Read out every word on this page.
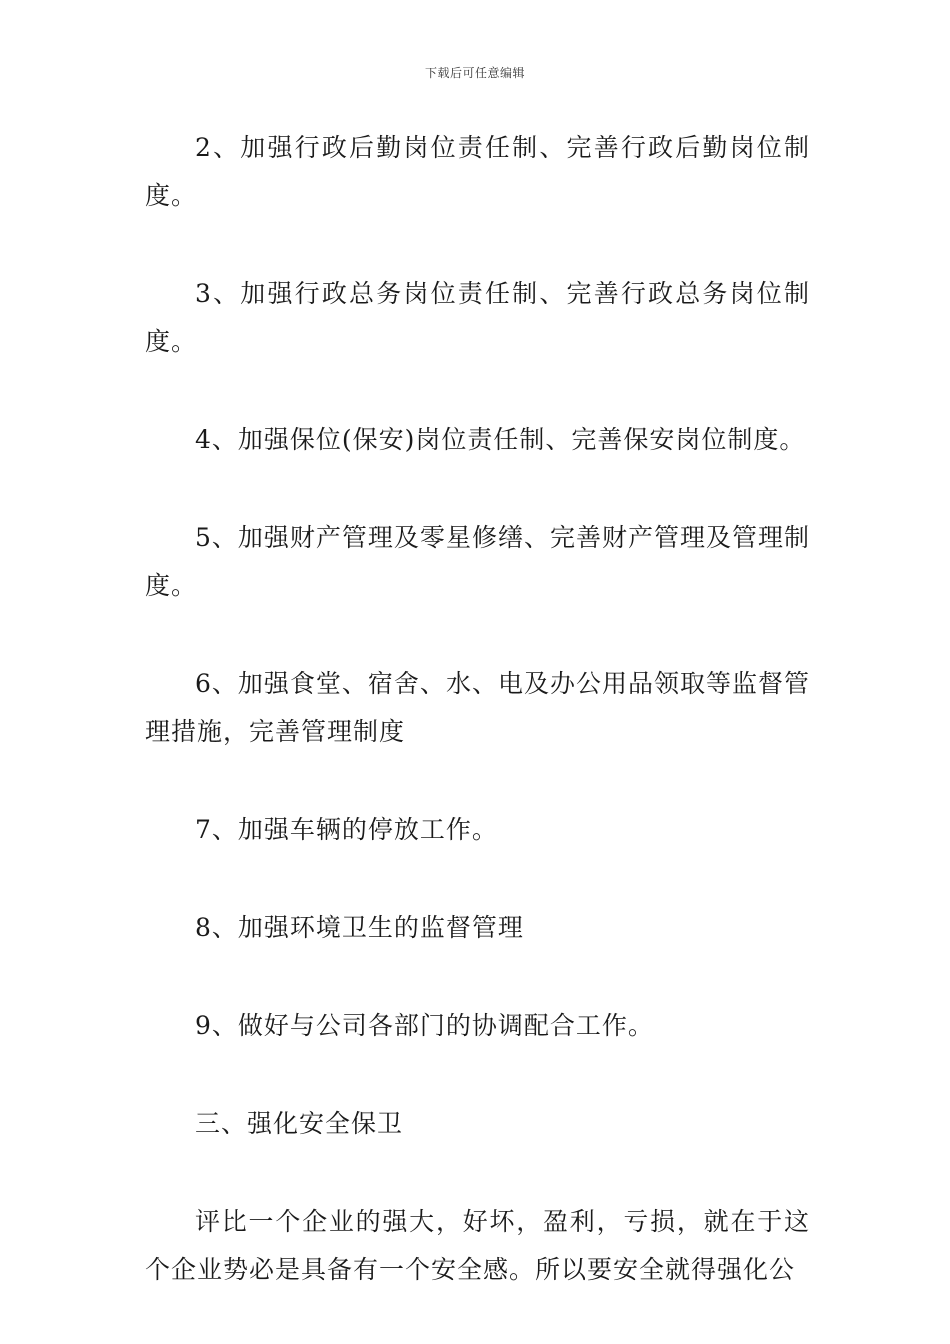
下载后可任意编辑

2、加强行政后勤岗位责任制、完善行政后勤岗位制度。

3、加强行政总务岗位责任制、完善行政总务岗位制度。

4、加强保位(保安)岗位责任制、完善保安岗位制度。

5、加强财产管理及零星修缮、完善财产管理及管理制度。

6、加强食堂、宿舍、水、电及办公用品领取等监督管理措施，完善管理制度

7、加强车辆的停放工作。

8、加强环境卫生的监督管理

9、做好与公司各部门的协调配合工作。

三、强化安全保卫

评比一个企业的强大，好坏，盈利，亏损，就在于这个企业势必是具备有一个安全感。所以要安全就得强化公
